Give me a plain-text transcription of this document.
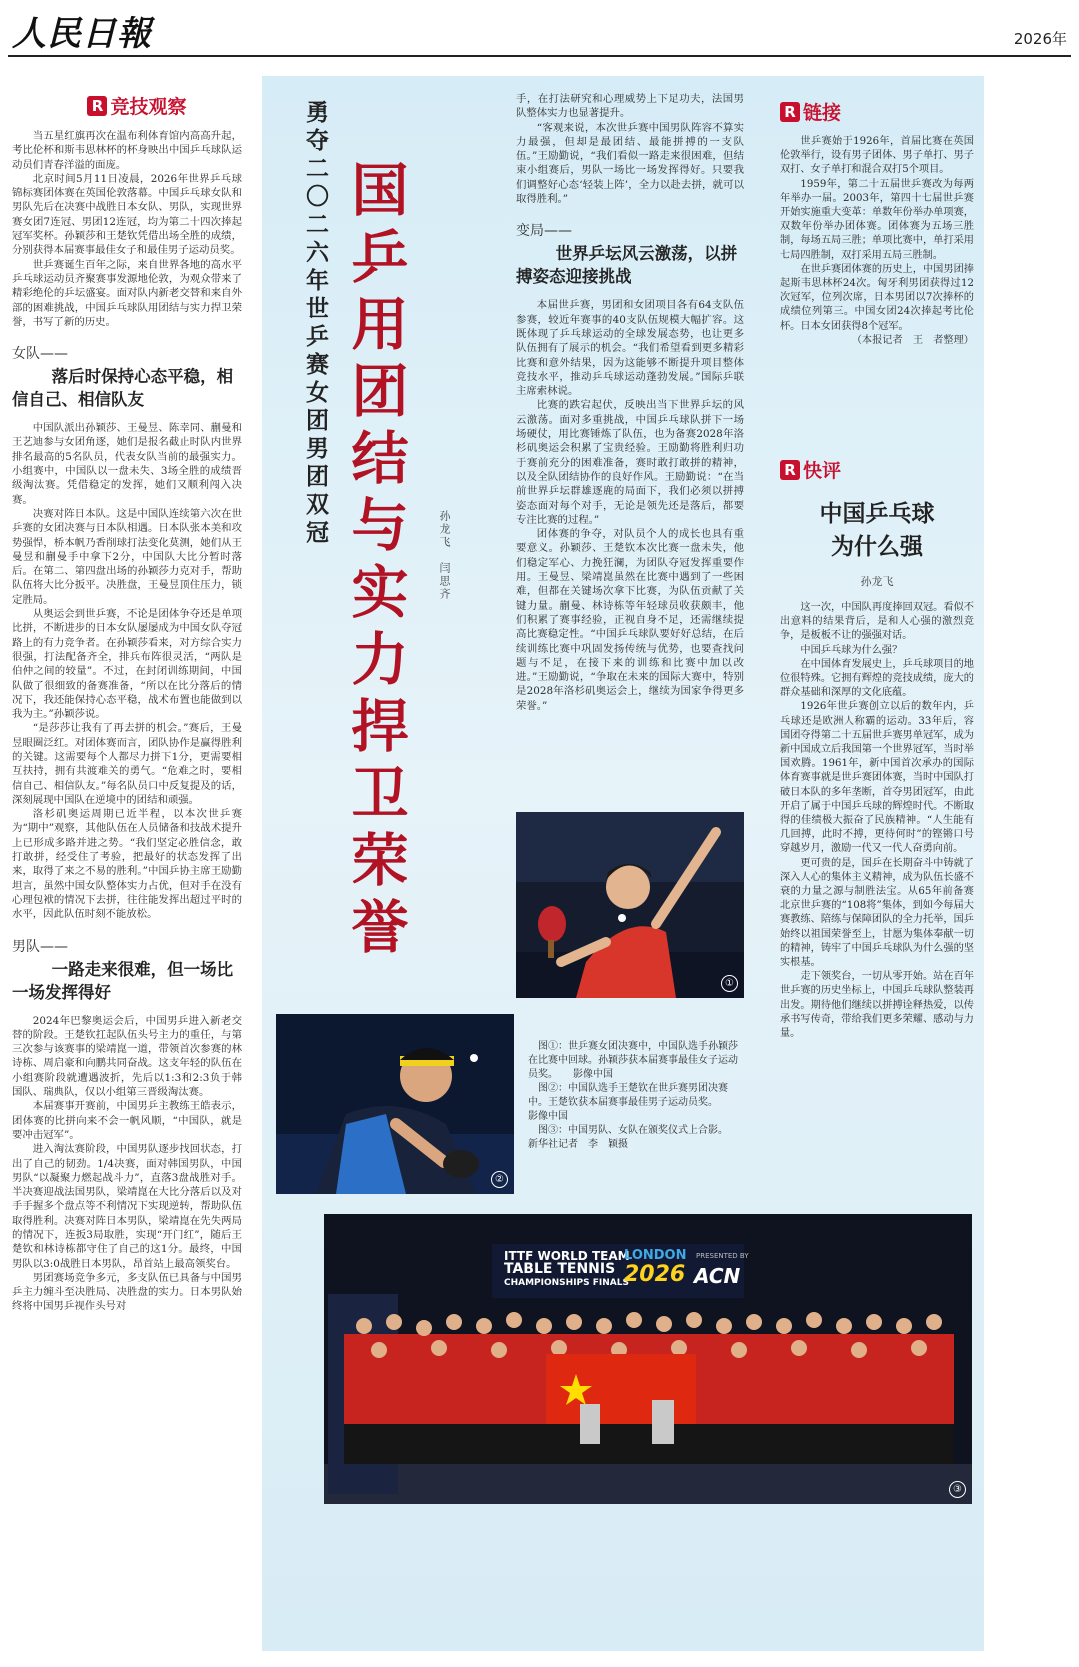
人民日報	2026年
R 竞技观察

当五星红旗再次在温布利体育馆内高高升起，考比伦杯和斯韦思林杯的杯身映出中国乒乓球队运动员们青春洋溢的面庞。

北京时间5月11日凌晨，2026年世界乒乓球锦标赛团体赛在英国伦敦落幕。中国乒乓球女队和男队先后在决赛中战胜日本女队、男队，实现世界赛女团7连冠、男团12连冠，均为第二十四次捧起冠军奖杯。孙颖莎和王楚钦凭借出场全胜的成绩，分别获得本届赛事最佳女子和最佳男子运动员奖。

世乒赛诞生百年之际，来自世界各地的高水平乒乓球运动员齐聚赛事发源地伦敦，为观众带来了精彩绝伦的乒坛盛宴。面对队内新老交替和来自外部的困难挑战，中国乒乓球队用团结与实力捍卫荣誉，书写了新的历史。

女队——
落后时保持心态平稳，相信自己、相信队友

中国队派出孙颖莎、王曼昱、陈幸同、蒯曼和王艺迪参与女团角逐，她们是报名截止时队内世界排名最高的5名队员，代表女队当前的最强实力。小组赛中，中国队以一盘未失、3场全胜的成绩晋级淘汰赛。凭借稳定的发挥，她们又顺利闯入决赛。

决赛对阵日本队。这是中国队连续第六次在世乒赛的女团决赛与日本队相遇。日本队张本美和攻势强悍，桥本帆乃香削球打法变化莫测，她们从王曼昱和蒯曼手中拿下2分，中国队大比分暂时落后。在第二、第四盘出场的孙颖莎力克对手，帮助队伍将大比分扳平。决胜盘，王曼昱顶住压力，锁定胜局。

从奥运会到世乒赛，不论是团体争夺还是单项比拼，不断进步的日本女队屡屡成为中国女队夺冠路上的有力竞争者。在孙颖莎看来，对方综合实力很强，打法配备齐全，排兵布阵很灵活，“两队是伯仲之间的较量”。不过，在封闭训练期间，中国队做了很细致的备赛准备，“所以在比分落后的情况下，我还能保持心态平稳，战术布置也能做到以我为主。”孙颖莎说。

“是莎莎让我有了再去拼的机会。”赛后，王曼昱眼圈泛红。对团体赛而言，团队协作是赢得胜利的关键。这需要每个人都尽力拼下1分，更需要相互扶持，拥有共渡难关的勇气。“危难之时，要相信自己、相信队友。”每名队员口中反复提及的话，深刻展现中国队在逆境中的团结和顽强。

洛杉矶奥运周期已近半程，以本次世乒赛为“期中”观察，其他队伍在人员储备和技战术提升上已形成多路并进之势。“我们坚定必胜信念，敢打敢拼，经受住了考验，把最好的状态发挥了出来，取得了来之不易的胜利。”中国乒协主席王励勤坦言，虽然中国女队整体实力占优，但对手在没有心理包袱的情况下去拼，往往能发挥出超过平时的水平，因此队伍时刻不能放松。

男队——
一路走来很难，但一场比一场发挥得好

2024年巴黎奥运会后，中国男乒进入新老交替的阶段。王楚钦扛起队伍头号主力的重任，与第三次参与该赛事的梁靖崑一道，带领首次参赛的林诗栋、周启豪和向鹏共同奋战。这支年轻的队伍在小组赛阶段就遭遇波折，先后以1:3和2:3负于韩国队、瑞典队，仅以小组第三晋级淘汰赛。

本届赛事开赛前，中国男乒主教练王皓表示，团体赛的比拼向来不会一帆风顺，“中国队，就是要冲击冠军”。

进入淘汰赛阶段，中国男队逐步找回状态，打出了自己的韧劲。1/4决赛，面对韩国男队，中国男队“以凝聚力燃起战斗力”，直落3盘战胜对手。半决赛迎战法国男队，梁靖崑在大比分落后以及对手手握多个盘点等不利情况下实现逆转，帮助队伍取得胜利。决赛对阵日本男队，梁靖崑在先失两局的情况下，连扳3局取胜，实现“开门红”，随后王楚钦和林诗栋都守住了自己的这1分。最终，中国男队以3:0战胜日本男队，昂首站上最高领奖台。

男团赛场竞争多元，多支队伍已具备与中国男乒主力缠斗至决胜局、决胜盘的实力。日本男队始终将中国男乒视作头号对

勇夺二〇二六年世乒赛女团男团双冠 国乒用团结与实力捍卫荣誉	孙龙飞　闫思齐

手，在打法研究和心理威势上下足功夫，法国男队整体实力也显著提升。

“客观来说，本次世乒赛中国男队阵容不算实力最强，但却是最团结、最能拼搏的一支队伍。”王励勤说，“我们看似一路走来很困难，但结束小组赛后，男队一场比一场发挥得好。只要我们调整好心态‘轻装上阵’，全力以赴去拼，就可以取得胜利。”

变局——
世界乒坛风云激荡，以拼搏姿态迎接挑战

本届世乒赛，男团和女团项目各有64支队伍参赛，较近年赛事的40支队伍规模大幅扩容。这既体现了乒乓球运动的全球发展态势，也让更多队伍拥有了展示的机会。“我们希望看到更多精彩比赛和意外结果，因为这能够不断提升项目整体竞技水平，推动乒乓球运动蓬勃发展。”国际乒联主席索林说。

比赛的跌宕起伏，反映出当下世界乒坛的风云激荡。面对多重挑战，中国乒乓球队拼下一场场硬仗，用比赛锤炼了队伍，也为备赛2028年洛杉矶奥运会积累了宝贵经验。王励勤将胜利归功于赛前充分的困难准备，赛时敢打敢拼的精神，以及全队团结协作的良好作风。王励勤说：“在当前世界乒坛群雄逐鹿的局面下，我们必须以拼搏姿态面对每个对手，无论是领先还是落后，都要专注比赛的过程。”

团体赛的争夺，对队员个人的成长也具有重要意义。孙颖莎、王楚钦本次比赛一盘未失，他们稳定军心、力挽狂澜，为团队夺冠发挥重要作用。王曼昱、梁靖崑虽然在比赛中遇到了一些困难，但都在关键场次拿下比赛，为队伍贡献了关键力量。蒯曼、林诗栋等年轻球员收获颇丰，他们积累了赛事经验，正视自身不足，还需继续提高比赛稳定性。“中国乒乓球队要好好总结，在后续训练比赛中巩固发扬传统与优势，也要查找问题与不足，在接下来的训练和比赛中加以改进。”王励勤说，“争取在未来的国际大赛中，特别是2028年洛杉矶奥运会上，继续为国家争得更多荣誉。”

①
②

图①：世乒赛女团决赛中，中国队选手孙颖莎在比赛中回球。孙颖莎获本届赛事最佳女子运动员奖。　　影像中国

图②：中国队选手王楚钦在世乒赛男团决赛中。王楚钦获本届赛事最佳男子运动员奖。　　　　　　影像中国

图③：中国男队、女队在颁奖仪式上合影。　　新华社记者　李　颖摄

ITTF WORLD TEAM
TABLE TENNIS
CHAMPIONSHIPS FINALS
LONDON
2026
PRESENTED BY
ACN
③
R 链接

世乒赛始于1926年，首届比赛在英国伦敦举行，设有男子团体、男子单打、男子双打、女子单打和混合双打5个项目。

1959年，第二十五届世乒赛改为每两年举办一届。2003年，第四十七届世乒赛开始实施重大变革：单数年份举办单项赛，双数年份举办团体赛。团体赛为五场三胜制，每场五局三胜；单项比赛中，单打采用七局四胜制，双打采用五局三胜制。

在世乒赛团体赛的历史上，中国男团捧起斯韦思林杯24次。匈牙利男团获得过12次冠军，位列次席，日本男团以7次捧杯的成绩位列第三。中国女团24次捧起考比伦杯。日本女团获得8个冠军。

（本报记者　王　者整理）

R 快评
中国乒乓球
为什么强
孙龙飞

这一次，中国队再度捧回双冠。看似不出意料的结果背后，是和人心强的激烈竞争，是板板不让的强强对话。

中国乒乓球为什么强？

在中国体育发展史上，乒乓球项目的地位很特殊。它拥有辉煌的竞技成绩，庞大的群众基础和深厚的文化底蕴。

1926年世乒赛创立以后的数年内，乒乓球还是欧洲人称霸的运动。33年后，容国团夺得第二十五届世乒赛男单冠军，成为新中国成立后我国第一个世界冠军，当时举国欢腾。1961年，新中国首次承办的国际体育赛事就是世乒赛团体赛，当时中国队打破日本队的多年垄断，首夺男团冠军，由此开启了属于中国乒乓球的辉煌时代。不断取得的佳绩极大振奋了民族精神。“人生能有几回搏，此时不搏，更待何时”的铿锵口号穿越岁月，激励一代又一代人奋勇向前。

更可贵的是，国乒在长期奋斗中铸就了深入人心的集体主义精神，成为队伍长盛不衰的力量之源与制胜法宝。从65年前备赛北京世乒赛的“108将”集体，到如今每届大赛教练、陪练与保障团队的全力托举，国乒始终以祖国荣誉至上，甘愿为集体奉献一切的精神，铸牢了中国乒乓球队为什么强的坚实根基。

走下领奖台，一切从零开始。站在百年世乒赛的历史坐标上，中国乒乓球队整装再出发。期待他们继续以拼搏诠释热爱，以传承书写传奇，带给我们更多荣耀、感动与力量。
